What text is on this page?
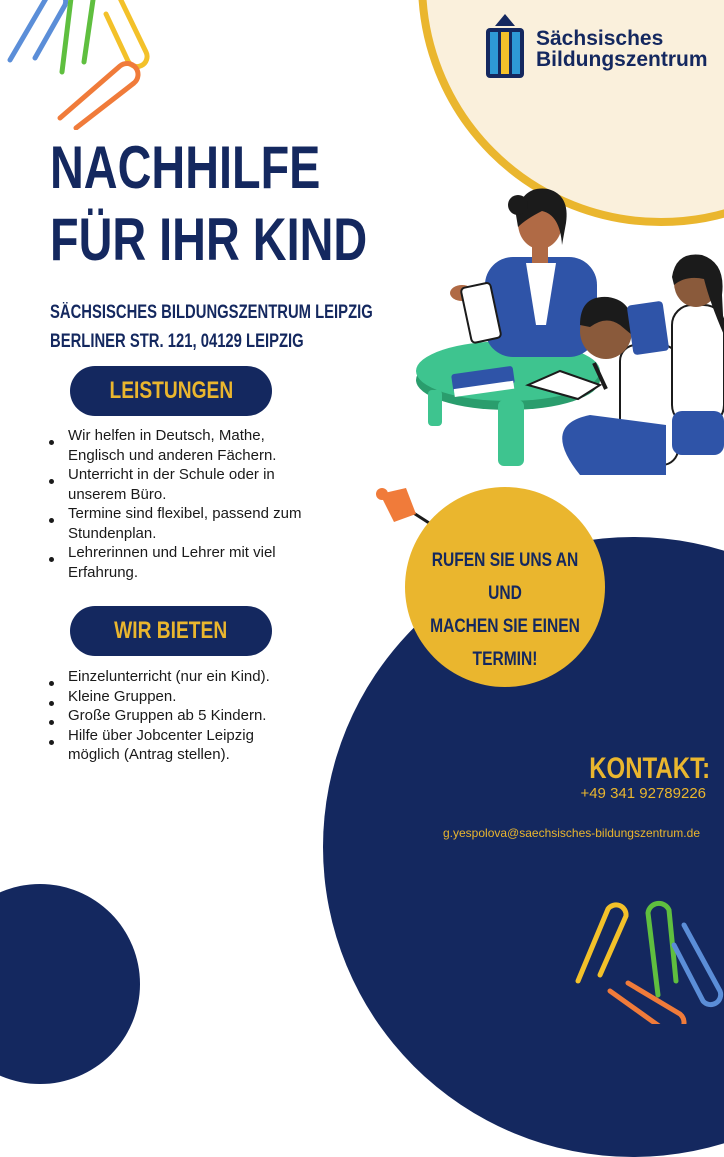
Sächsisches
Bildungszentrum
NACHHILFE
FÜR IHR KIND
SÄCHSISCHES BILDUNGSZENTRUM LEIPZIG
BERLINER STR. 121, 04129 LEIPZIG
LEISTUNGEN
Wir helfen in Deutsch, Mathe, Englisch und anderen Fächern.
Unterricht in der Schule oder in unserem Büro.
Termine sind flexibel, passend zum Stundenplan.
Lehrerinnen und Lehrer mit viel Erfahrung.
WIR BIETEN
Einzelunterricht (nur ein Kind).
Kleine Gruppen.
Große Gruppen ab 5 Kindern.
Hilfe über Jobcenter Leipzig möglich (Antrag stellen).
RUFEN SIE UNS AN UND
MACHEN SIE EINEN
TERMIN!
KONTAKT:
+49 341 92789226
g.yespolova@saechsisches-bildungszentrum.de
